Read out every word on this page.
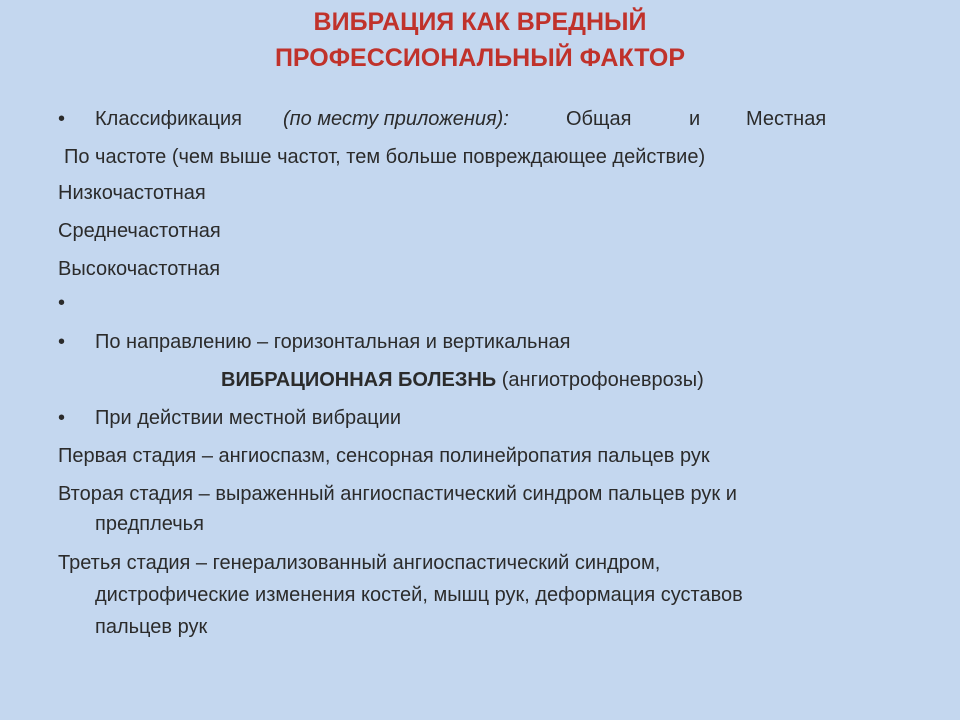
ВИБРАЦИЯ КАК ВРЕДНЫЙ
ПРОФЕССИОНАЛЬНЫЙ ФАКТОР
• Классификация (по месту приложения):	Общая	и Местная
По частоте (чем выше частот, тем больше повреждающее действие)
Низкочастотная
Среднечастотная
Высокочастотная
•
• По направлению – горизонтальная и вертикальная
ВИБРАЦИОННАЯ БОЛЕЗНЬ (ангиотрофоневрозы)
• При действии местной вибрации
Первая стадия – ангиоспазм, сенсорная полинейропатия пальцев рук
Вторая стадия – выраженный ангиоспастический синдром пальцев рук и
предплечья
Третья стадия – генерализованный ангиоспастический синдром,
дистрофические изменения костей, мышц рук, деформация суставов
пальцев рук
